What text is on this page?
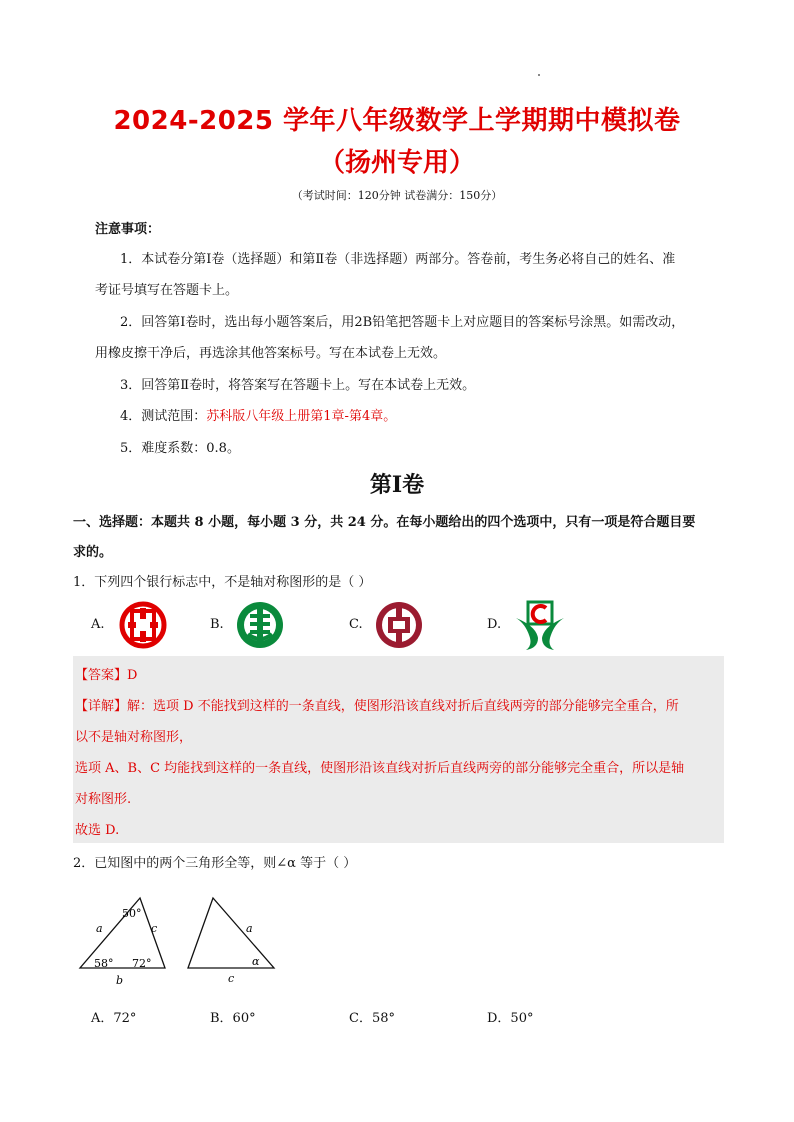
2024-2025 学年八年级数学上学期期中模拟卷
（扬州专用）
（考试时间：120分钟 试卷满分：150分）
注意事项：
1．本试卷分第Ⅰ卷（选择题）和第Ⅱ卷（非选择题）两部分。答卷前，考生务必将自己的姓名、准
考证号填写在答题卡上。
2．回答第Ⅰ卷时，选出每小题答案后，用2B铅笔把答题卡上对应题目的答案标号涂黑。如需改动，
用橡皮擦干净后，再选涂其他答案标号。写在本试卷上无效。
3．回答第Ⅱ卷时，将答案写在答题卡上。写在本试卷上无效。
4．测试范围：苏科版八年级上册第1章-第4章。
5．难度系数：0.8。
第Ⅰ卷
一、选择题：本题共 8 小题，每小题 3 分，共 24 分。在每小题给出的四个选项中，只有一项是符合题目要
求的。
1．下列四个银行标志中，不是轴对称图形的是（ ）
A.	B.	C.	D.
【答案】D
【详解】解：选项 D 不能找到这样的一条直线，使图形沿该直线对折后直线两旁的部分能够完全重合，所
以不是轴对称图形，
选项 A、B、C 均能找到这样的一条直线，使图形沿该直线对折后直线两旁的部分能够完全重合，所以是轴
对称图形.
故选 D.
2．已知图中的两个三角形全等，则∠α 等于（ ）
50°
58° 72°
a
b
c	a
c
α
A．72°	B．60°	C．58°	D．50°
